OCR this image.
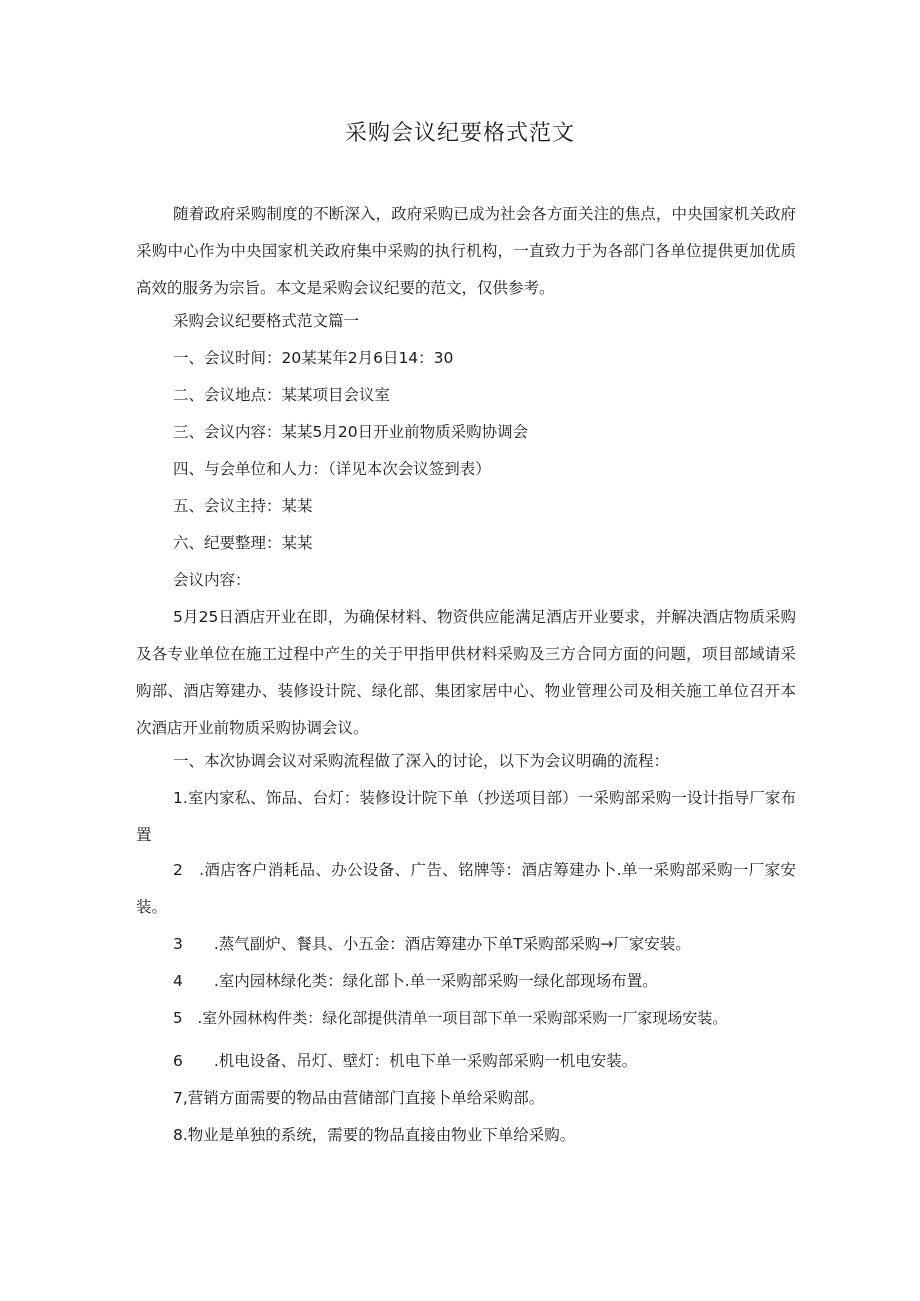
采购会议纪要格式范文
随着政府采购制度的不断深入，政府采购已成为社会各方面关注的焦点，中央国家机关政府采购中心作为中央国家机关政府集中采购的执行机构，一直致力于为各部门各单位提供更加优质高效的服务为宗旨。本文是采购会议纪要的范文，仅供参考。
采购会议纪要格式范文篇一
一、会议时间：20某某年2月6日14：30
二、会议地点：某某项目会议室
三、会议内容：某某5月20日开业前物质采购协调会
四、与会单位和人力：（详见本次会议签到表）
五、会议主持：某某
六、纪要整理：某某
会议内容：
5月25日酒店开业在即，为确保材料、物资供应能满足酒店开业要求，并解决酒店物质采购及各专业单位在施工过程中产生的关于甲指甲供材料采购及三方合同方面的问题，项目部域请采购部、酒店筹建办、装修设计院、绿化部、集团家居中心、物业管理公司及相关施工单位召开本次酒店开业前物质采购协调会议。
一、本次协调会议对采购流程做了深入的讨论，以下为会议明确的流程：
1.室内家私、饰品、台灯：装修设计院下单（抄送项目部）一采购部采购一设计指导厂家布置
2　.酒店客户消耗品、办公设备、广告、铭牌等：酒店筹建办卜.单一采购部采购一厂家安装。
3　　.蒸气副炉、餐具、小五金：酒店筹建办下单T采购部采购→厂家安装。
4　　.室内园林绿化类：绿化部卜.单一采购部采购一绿化部现场布置。
5　.室外园林构件类：绿化部提供清单一项目部下单一采购部采购一厂家现场安装。
6　　.机电设备、吊灯、壁灯：机电下单一采购部采购一机电安装。
7,营销方面需要的物品由营储部门直接卜单给采购部。
8.物业是单独的系统，需要的物品直接由物业下单给采购。
